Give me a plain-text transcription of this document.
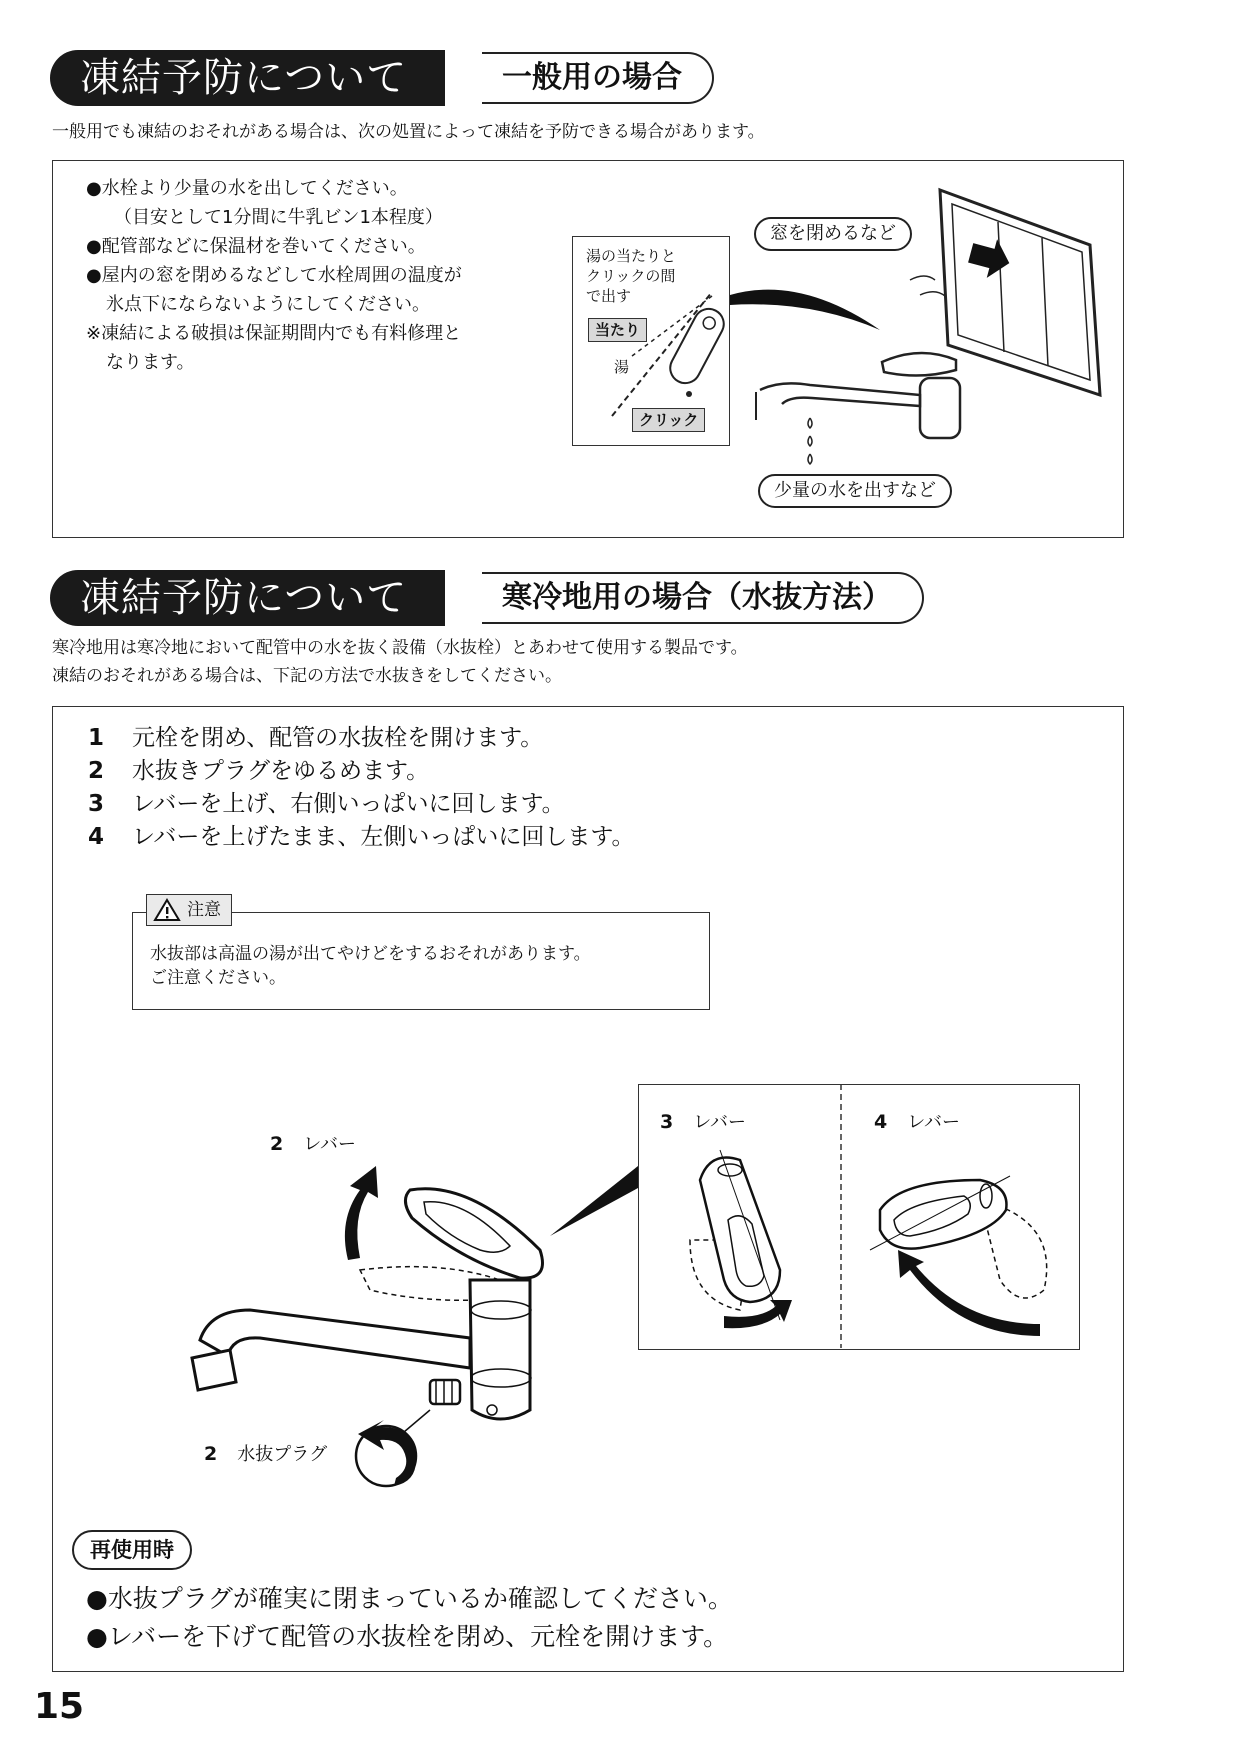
凍結予防について	一般用の場合
一般用でも凍結のおそれがある場合は、次の処置によって凍結を予防できる場合があります。
●水栓より少量の水を出してください。
（目安として1分間に牛乳ビン1本程度）
●配管部などに保温材を巻いてください。
●屋内の窓を閉めるなどして水栓周囲の温度が
氷点下にならないようにしてください。
※凍結による破損は保証期間内でも有料修理と
なります。
湯の当たりと
クリックの間
で出す
当たり
湯
クリック
窓を閉めるなど
少量の水を出すなど
凍結予防について	寒冷地用の場合（水抜方法）
寒冷地用は寒冷地において配管中の水を抜く設備（水抜栓）とあわせて使用する製品です。
凍結のおそれがある場合は、下記の方法で水抜きをしてください。
1 元栓を閉め、配管の水抜栓を開けます。
2 水抜きプラグをゆるめます。
3 レバーを上げ、右側いっぱいに回します。
4 レバーを上げたまま、左側いっぱいに回します。
注意
水抜部は高温の湯が出てやけどをするおそれがあります。
ご注意ください。
2 レバー
2 水抜プラグ
3 レバー	4 レバー
再使用時
●水抜プラグが確実に閉まっているか確認してください。
●レバーを下げて配管の水抜栓を閉め、元栓を開けます。
15
